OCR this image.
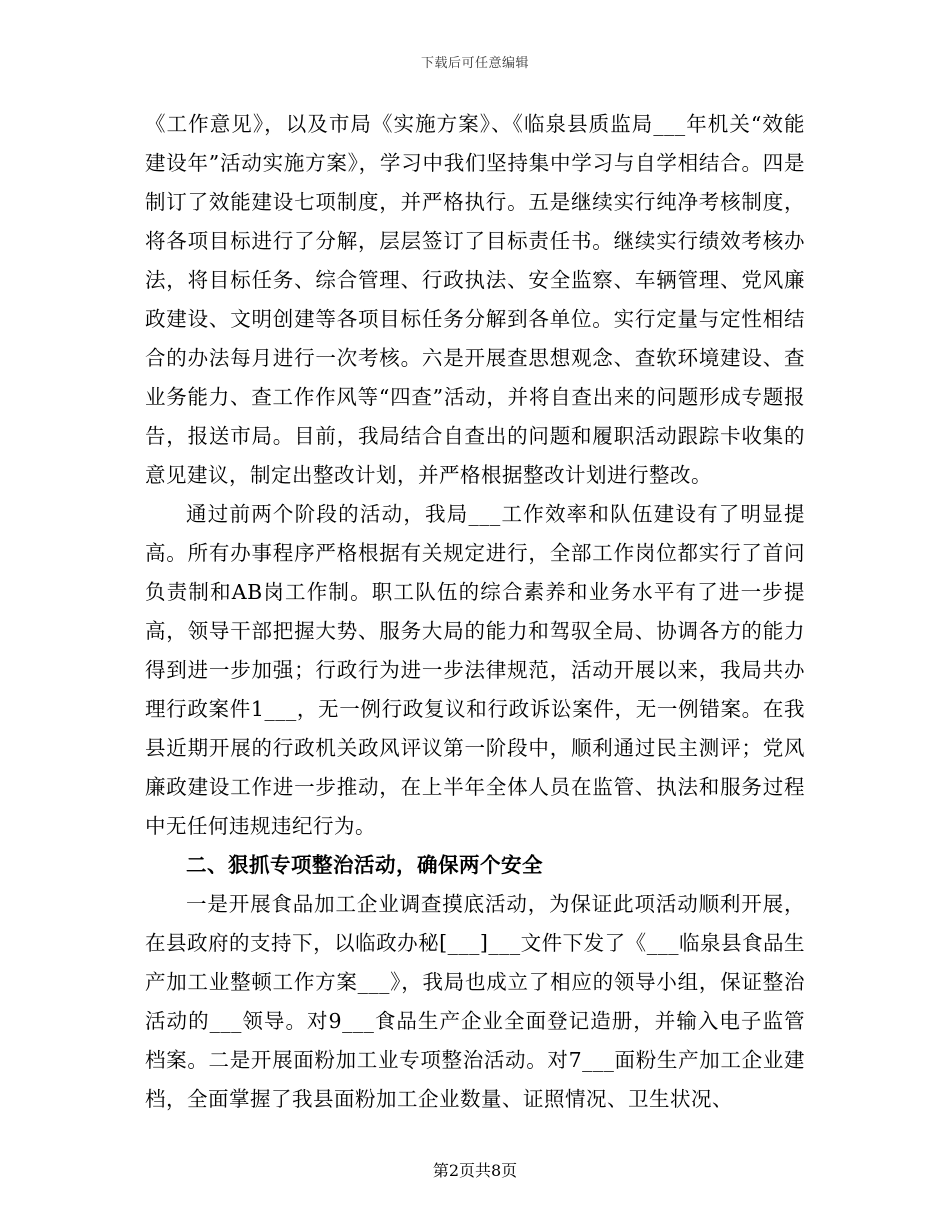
下载后可任意编辑

《工作意见》，以及市局《实施方案》、《临泉县质监局___年机关“效能建设年”活动实施方案》，学习中我们坚持集中学习与自学相结合。四是制订了效能建设七项制度，并严格执行。五是继续实行纯净考核制度，将各项目标进行了分解，层层签订了目标责任书。继续实行绩效考核办法，将目标任务、综合管理、行政执法、安全监察、车辆管理、党风廉政建设、文明创建等各项目标任务分解到各单位。实行定量与定性相结合的办法每月进行一次考核。六是开展查思想观念、查软环境建设、查业务能力、查工作作风等“四查”活动，并将自查出来的问题形成专题报告，报送市局。目前，我局结合自查出的问题和履职活动跟踪卡收集的意见建议，制定出整改计划，并严格根据整改计划进行整改。

通过前两个阶段的活动，我局___工作效率和队伍建设有了明显提高。所有办事程序严格根据有关规定进行，全部工作岗位都实行了首问负责制和AB岗工作制。职工队伍的综合素养和业务水平有了进一步提高，领导干部把握大势、服务大局的能力和驾驭全局、协调各方的能力得到进一步加强；行政行为进一步法律规范，活动开展以来，我局共办理行政案件1___，无一例行政复议和行政诉讼案件，无一例错案。在我县近期开展的行政机关政风评议第一阶段中，顺利通过民主测评；党风廉政建设工作进一步推动，在上半年全体人员在监管、执法和服务过程中无任何违规违纪行为。

二、狠抓专项整治活动，确保两个安全

一是开展食品加工企业调查摸底活动，为保证此项活动顺利开展，在县政府的支持下，以临政办秘[___]___文件下发了《___临泉县食品生产加工业整顿工作方案___》，我局也成立了相应的领导小组，保证整治活动的___领导。对9___食品生产企业全面登记造册，并输入电子监管档案。二是开展面粉加工业专项整治活动。对7___面粉生产加工企业建档，全面掌握了我县面粉加工企业数量、证照情况、卫生状况、

第2页共8页
